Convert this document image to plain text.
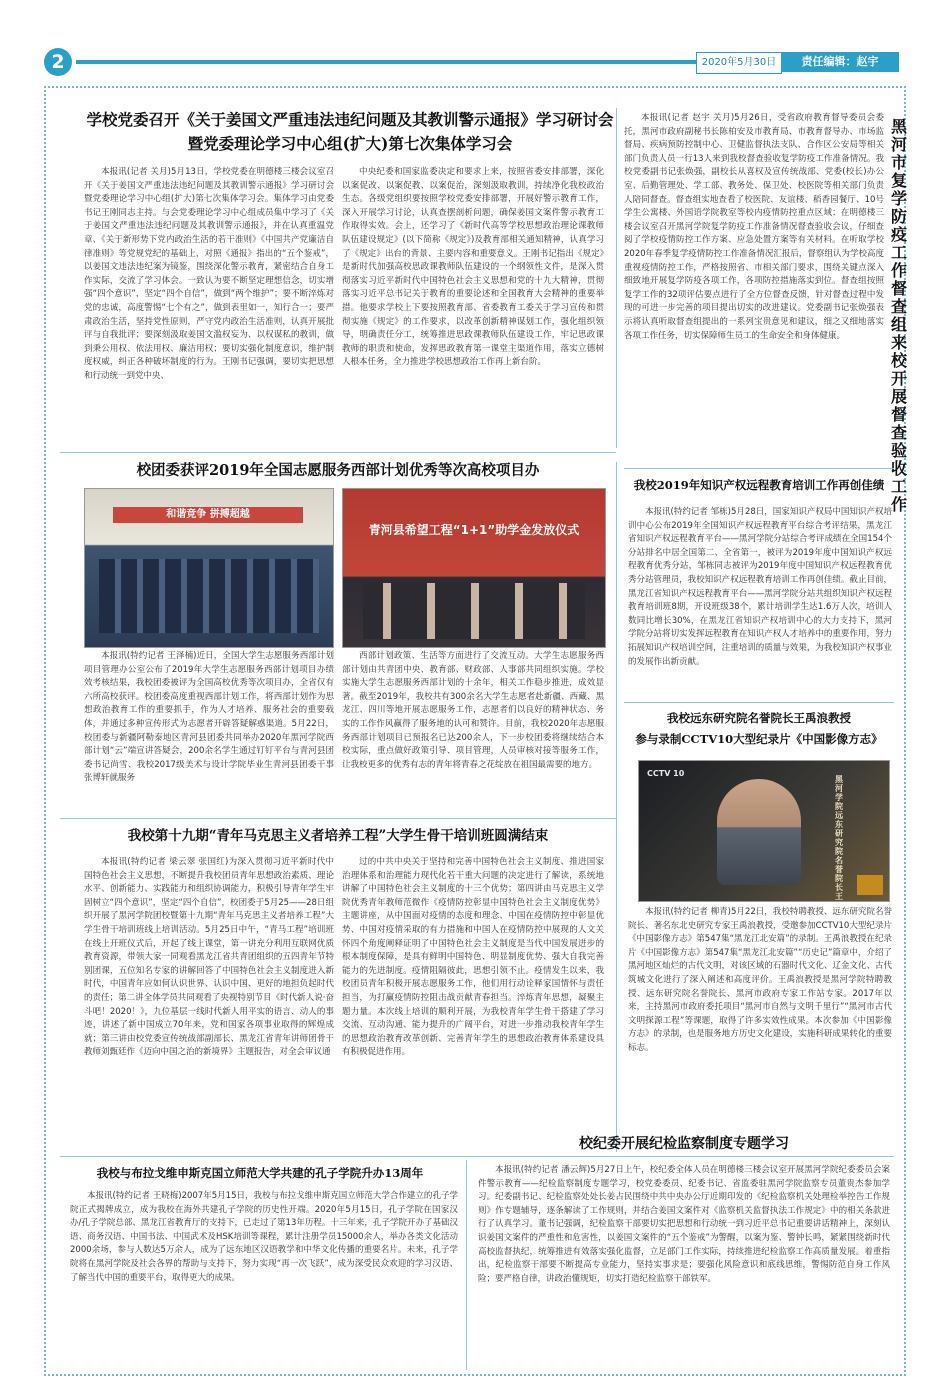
2	2020年5月30日	责任编辑：赵宇
学校党委召开《关于姜国文严重违法违纪问题及其教训警示通报》学习研讨会
暨党委理论学习中心组(扩大)第七次集体学习会

本报讯(记者 关月)5月13日，学校党委在明德楼三楼会议室召开《关于姜国文严重违法违纪问题及其教训警示通报》学习研讨会暨党委理论学习中心组(扩大)第七次集体学习会。集体学习由党委书记王刚同志主持。与会党委理论学习中心组成员集中学习了《关于姜国文严重违法违纪问题及其教训警示通报》，并在认真重温党章、《关于新形势下党内政治生活的若干准则》《中国共产党廉洁自律准则》等党规党纪的基础上，对照《通报》指出的“五个鉴戒”，以姜国文违法违纪案为镜鉴，围绕深化警示教育，紧密结合自身工作实际，交流了学习体会。一致认为要不断坚定理想信念，切实增强“四个意识”，坚定“四个自信”，做到“两个维护”；要不断淬炼对党的忠诚，高度警惕“七个有之”，做到表里如一，知行合一；要严肃政治生活，坚持党性原则，严守党内政治生活准则，认真开展批评与自我批评；要深刻汲取姜国文滥权妄为、以权谋私的教训，做到秉公用权、依法用权、廉洁用权；要切实强化制度意识，维护制度权威，纠正各种破坏制度的行为。王刚书记强调，要切实把思想和行动统一到党中央、

中央纪委和国家监委决定和要求上来，按照省委安排部署，深化以案促改、以案促教、以案促治，深刻汲取教训，持续净化我校政治生态。各级党组织要按照学校党委安排部署，开展好警示教育工作，深入开展学习讨论，认真查摆剖析问题，确保姜国文案件警示教育工作取得实效。会上，还学习了《新时代高等学校思想政治理论课教师队伍建设规定》(以下简称《规定》)及教育部相关通知精神，认真学习了《规定》出台的背景、主要内容和重要意义。王刚书记指出《规定》是新时代加强高校思政课教师队伍建设的一个纲领性文件，是深入贯彻落实习近平新时代中国特色社会主义思想和党的十九大精神，贯彻落实习近平总书记关于教育的重要论述和全国教育大会精神的重要举措。他要求学校上下要按照教育部、省委教育工委关于学习宣传和贯彻实施《规定》的工作要求，以改革创新精神谋划工作，强化组织领导，明确责任分工，统筹推进思政课教师队伍建设工作，牢记思政课教师的职责和使命，发挥思政教育第一课堂主渠道作用，落实立德树人根本任务，全力推进学校思想政治工作再上新台阶。

本报讯(记者 赵宇 关月)5月26日，受省政府教育督导委员会委托，黑河市政府副秘书长陈柏安及市教育局、市教育督导办、市场监督局、疾病预防控制中心、卫健监督执法支队、合作区公安局等相关部门负责人员一行13人来到我校督查验收复学防疫工作准备情况。我校党委副书记张焕强，副校长从喜权及宣传统战部、党委(校长)办公室、后勤管理处、学工部、教务处、保卫处、校医院等相关部门负责人陪同督查。督查组实地查看了校医院、友谊楼、稻香园餐厅、10号学生公寓楼、外国语学院教室等校内疫情防控重点区域；在明德楼三楼会议室召开黑河学院复学防疫工作准备情况督查验收会议，仔细查阅了学校疫情防控工作方案、应急处置方案等有关材料。在听取学校2020年春季复学疫情防控工作准备情况汇报后，督察组认为学校高度重视疫情防控工作，严格按照省、市相关部门要求，围绕关键点深入细致地开展复学防疫各项工作，各项防控措施落实到位。督查组按照复学工作的32项评估要点进行了全方位督查反馈，针对督查过程中发现的可进一步完善的项目提出切实的改进建议。党委副书记张焕强表示将认真听取督查组提出的一系列宝贵意见和建议，细之又细地落实各项工作任务，切实保障师生员工的生命安全和身体健康。

黑河市复学防疫工作督查组来校开展督查验收工作
校团委获评2019年全国志愿服务西部计划优秀等次高校项目办
和谐竞争 拼搏超越
青河县希望工程“1+1”助学金发放仪式

本报讯(特约记者 王泽楠)近日，全国大学生志愿服务西部计划项目管理办公室公布了2019年大学生志愿服务西部计划项目办绩效考核结果，我校团委被评为全国高校优秀等次项目办，全省仅有六所高校获评。校团委高度重视西部计划工作，将西部计划作为思想政治教育工作的重要抓手，作为人才培养、服务社会的重要载体，并通过多种宣传形式为志愿者开辟答疑解惑渠道。5月22日，校团委与新疆阿勒泰地区青河县团委共同举办2020年黑河学院西部计划“云”端宣讲答疑会，200余名学生通过钉钉平台与青河县团委书记尚雪、我校2017级美术与设计学院毕业生青河县团委干事张博轩就服务

西部计划政策、生活等方面进行了交流互动。大学生志愿服务西部计划由共青团中央、教育部、财政部、人事部共同组织实施。学校实施大学生志愿服务西部计划的十余年，相关工作稳步推进，成效显著。截至2019年，我校共有300余名大学生志愿者赴新疆、西藏、黑龙江、四川等地开展志愿服务工作，志愿者们以良好的精神状态、务实的工作作风赢得了服务地的认可和赞许。目前，我校2020年志愿服务西部计划项目已预报名已达200余人，下一步校团委将继续结合本校实际，重点做好政策引导、项目管理，人员审核对接等服务工作，让我校更多的优秀有志的青年将青春之花绽放在祖国最需要的地方。

我校第十九期“青年马克思主义者培养工程”大学生骨干培训班圆满结束

本报讯(特约记者 梁云翠 张国红)为深入贯彻习近平新时代中国特色社会主义思想，不断提升我校团员青年思想政治素质、理论水平、创新能力、实践能力和组织协调能力，积极引导青年学生牢固树立“四个意识”，坚定“四个自信”，校团委于5月25——28日组织开展了黑河学院团校暨第十九期“青年马克思主义者培养工程”大学生骨干培训班线上培训活动。5月25日中午，“青马工程”培训班在线上开班仪式后，开起了线上课堂，第一讲充分利用互联网优质教育资源，带领大家一同观看黑龙江省共青团组织的五四青年节特别团课，五位知名专家的讲解回答了中国特色社会主义制度进入新时代，中国青年应如何认识世界、认识中国、更好的地担负起时代的责任；第二讲全体学员共同观看了央视特别节目《时代新人说·奋斗吧！2020！》，九位基层一线时代新人用平实的语言、动人的事迹，讲述了新中国成立70年来，党和国家各项事业取得的辉煌成就；第三讲由校党委宣传统战部副部长、黑龙江省青年讲师团骨干教师刘甄廷作《迈向中国之治的新境界》主题报告，对全会审议通

过的中共中央关于坚持和完善中国特色社会主义制度、推进国家治理体系和治理能力现代化若干重大问题的决定进行了解读，系统地讲解了中国特色社会主义制度的十三个优势；第四讲由马克思主义学院优秀青年教师范微作《疫情防控彰显中国特色社会主义制度优势》主题讲座，从中国面对疫情的态度和理念、中国在疫情防控中彰显优势、中国对疫情采取的有力措施和中国人在疫情防控中展现的人文关怀四个角度阐释证明了中国特色社会主义制度是当代中国发展进步的根本制度保障，是具有鲜明中国特色、明显制度优势、强大自我完善能力的先进制度。疫情阻隔彼此，思想引领不止。疫情发生以来，我校团员青年积极开展志愿服务工作，他们用行动诠释家国情怀与责任担当，为打赢疫情防控阻击战贡献青春担当。淬炼青年思想，凝聚主题力量。本次线上培训的顺利开展，为我校青年学生骨干搭建了学习交流、互动沟通、能力提升的广阔平台，对进一步推动我校青年学生的思想政治教育改革创新、完善青年学生的思想政治教育体系建设具有积极促进作用。

我校2019年知识产权远程教育培训工作再创佳绩

本报讯(特约记者 邹栋)5月28日，国家知识产权局中国知识产权培训中心公布2019年全国知识产权远程教育平台综合考评结果，黑龙江省知识产权远程教育平台——黑河学院分站综合考评成绩在全国154个分站排名中居全国第二、全省第一，被评为2019年度中国知识产权远程教育优秀分站，邹栋同志被评为2019年度中国知识产权远程教育优秀分站管理员，我校知识产权远程教育培训工作再创佳绩。截止目前，黑龙江省知识产权远程教育平台——黑河学院分站共组织知识产权远程教育培训班8期，开设班级38个，累计培训学生达1.6万人次，培训人数同比增长30%，在黑龙江省知识产权培训中心的大力支持下，黑河学院分站将切实发挥远程教育在知识产权人才培养中的重要作用，努力拓展知识产权培训空间，注重培训的质量与效果，为我校知识产权事业的发展作出新贡献。

我校远东研究院名誉院长王禹浪教授
参与录制CCTV10大型纪录片《中国影像方志》
CCTV 10
黑河学院远东研究院名誉院长 王

本报讯(特约记者 柳青)5月22日，我校特聘教授、远东研究院名誉院长、著名东北史研究专家王禹浪教授，受邀参加CCTV10大型纪录片《中国影像方志》第547集“黑龙江北安篇”的录制。王禹浪教授在纪录片《中国影像方志》第547集“黑龙江北安篇”“历史记”篇章中，介绍了黑河地区灿烂的古代文明，对该区域的石器时代文化、辽金文化、古代筑城文化进行了深入阐述和高度评价。王禹浪教授是黑河学院特聘教授、远东研究院名誉院长、黑河市政府专家工作站专家。2017年以来，主持黑河市政府委托项目“黑河市自然与文明千里行”“黑河市古代文明探源工程”等课题，取得了许多实效性成果。本次参加《中国影像方志》的录制，也是服务地方历史文化建设，实施科研成果转化的重要标志。

我校与布拉戈维申斯克国立师范大学共建的孔子学院升办13周年

本报讯(特约记者 王晓梅)2007年5月15日，我校与布拉戈维申斯克国立师范大学合作建立的孔子学院正式揭牌成立，成为我校在海外共建孔子学院的历史性开端。2020年5月15日，孔子学院在国家汉办/孔子学院总部、黑龙江省教育厅的支持下，已走过了第13年历程。十三年来，孔子学院开办了基础汉语、商务汉语、中国书法、中国武术及HSK培训等课程，累计注册学员15000余人，举办各类文化活动2000余场，参与人数达5万余人，成为了远东地区汉语教学和中华文化传播的重要名片。未来，孔子学院将在黑河学院及社会各界的帮助与支持下，努力实现“再一次飞跃”，成为深受民众欢迎的学习汉语、了解当代中国的重要平台，取得更大的成果。

校纪委开展纪检监察制度专题学习

本报讯(特约记者 潘云辉)5月27日上午，校纪委全体人员在明德楼三楼会议室开展黑河学院纪委委员会案件警示教育——纪检监察制度专题学习，校党委委员、纪委书记、省监委驻黑河学院监察专员董贵杰参加学习。纪委副书记、纪检监察处处长姜占民围绕中共中央办公厅近期印发的《纪检监察机关处理检举控告工作规则》作专题辅导，逐条解读了工作规则，并结合姜国文案件对《监察机关监督执法工作规定》中的相关条款进行了认真学习。董书记强调，纪检监察干部要切实把思想和行动统一到习近平总书记重要讲话精神上，深刻认识姜国文案件的严重性和危害性，以姜国文案件的“五个鉴戒”为警醒，以案为鉴、警钟长鸣，紧紧围绕新时代高校监督执纪，统筹推进有效落实强化监督，立足部门工作实际，持续推进纪检监察工作高质量发展。着重指出，纪检监察干部要不断提高专业能力，坚持实事求是；要强化风险意识和底线思维，警惕防范自身工作风险；要严格自律，讲政治懂规矩，切实打造纪检监察干部铁军。
